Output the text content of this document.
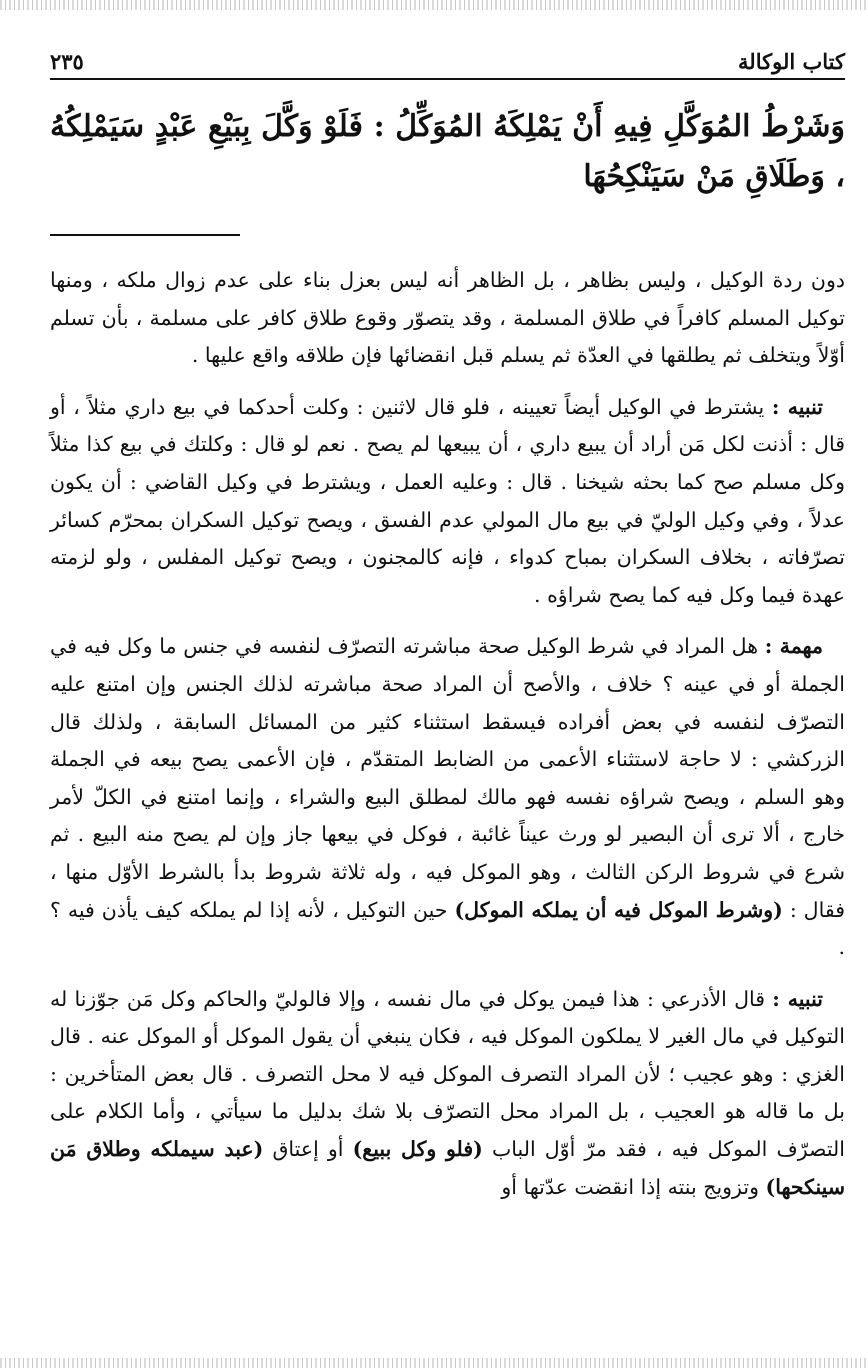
كتاب الوكالة
٢٣٥
وَشَرْطُ المُوَكَّلِ فِيهِ أَنْ يَمْلِكَهُ المُوَكِّلُ : فَلَوْ وَكَّلَ بِبَيْعِ عَبْدٍ سَيَمْلِكُهُ ، وَطَلَاقِ مَنْ سَيَنْكِحُهَا

دون ردة الوكيل ، وليس بظاهر ، بل الظاهر أنه ليس بعزل بناء على عدم زوال ملكه ، ومنها توكيل المسلم كافراً في طلاق المسلمة ، وقد يتصوّر وقوع طلاق كافر على مسلمة ، بأن تسلم أوّلاً ويتخلف ثم يطلقها في العدّة ثم يسلم قبل انقضائها فإن طلاقه واقع عليها .

تنبيه : يشترط في الوكيل أيضاً تعيينه ، فلو قال لاثنين : وكلت أحدكما في بيع داري مثلاً ، أو قال : أذنت لكل مَن أراد أن يبيع داري ، أن يبيعها لم يصح . نعم لو قال : وكلتك في بيع كذا مثلاً وكل مسلم صح كما بحثه شيخنا . قال : وعليه العمل ، ويشترط في وكيل القاضي : أن يكون عدلاً ، وفي وكيل الوليّ في بيع مال المولي عدم الفسق ، ويصح توكيل السكران بمحرّم كسائر تصرّفاته ، بخلاف السكران بمباح كدواء ، فإنه كالمجنون ، ويصح توكيل المفلس ، ولو لزمته عهدة فيما وكل فيه كما يصح شراؤه .

مهمة : هل المراد في شرط الوكيل صحة مباشرته التصرّف لنفسه في جنس ما وكل فيه في الجملة أو في عينه ؟ خلاف ، والأصح أن المراد صحة مباشرته لذلك الجنس وإن امتنع عليه التصرّف لنفسه في بعض أفراده فيسقط استثناء كثير من المسائل السابقة ، ولذلك قال الزركشي : لا حاجة لاستثناء الأعمى من الضابط المتقدّم ، فإن الأعمى يصح بيعه في الجملة وهو السلم ، ويصح شراؤه نفسه فهو مالك لمطلق البيع والشراء ، وإنما امتنع في الكلّ لأمر خارج ، ألا ترى أن البصير لو ورث عيناً غائبة ، فوكل في بيعها جاز وإن لم يصح منه البيع . ثم شرع في شروط الركن الثالث ، وهو الموكل فيه ، وله ثلاثة شروط بدأ بالشرط الأوّل منها ، فقال : (وشرط الموكل فيه أن يملكه الموكل) حين التوكيل ، لأنه إذا لم يملكه كيف يأذن فيه ؟ .

تنبيه : قال الأذرعي : هذا فيمن يوكل في مال نفسه ، وإلا فالوليّ والحاكم وكل مَن جوّزنا له التوكيل في مال الغير لا يملكون الموكل فيه ، فكان ينبغي أن يقول الموكل أو الموكل عنه . قال الغزي : وهو عجيب ؛ لأن المراد التصرف الموكل فيه لا محل التصرف . قال بعض المتأخرين : بل ما قاله هو العجيب ، بل المراد محل التصرّف بلا شك بدليل ما سيأتي ، وأما الكلام على التصرّف الموكل فيه ، فقد مرّ أوّل الباب (فلو وكل ببيع) أو إعتاق (عبد سيملكه وطلاق مَن سينكحها) وتزويج بنته إذا انقضت عدّتها أو
